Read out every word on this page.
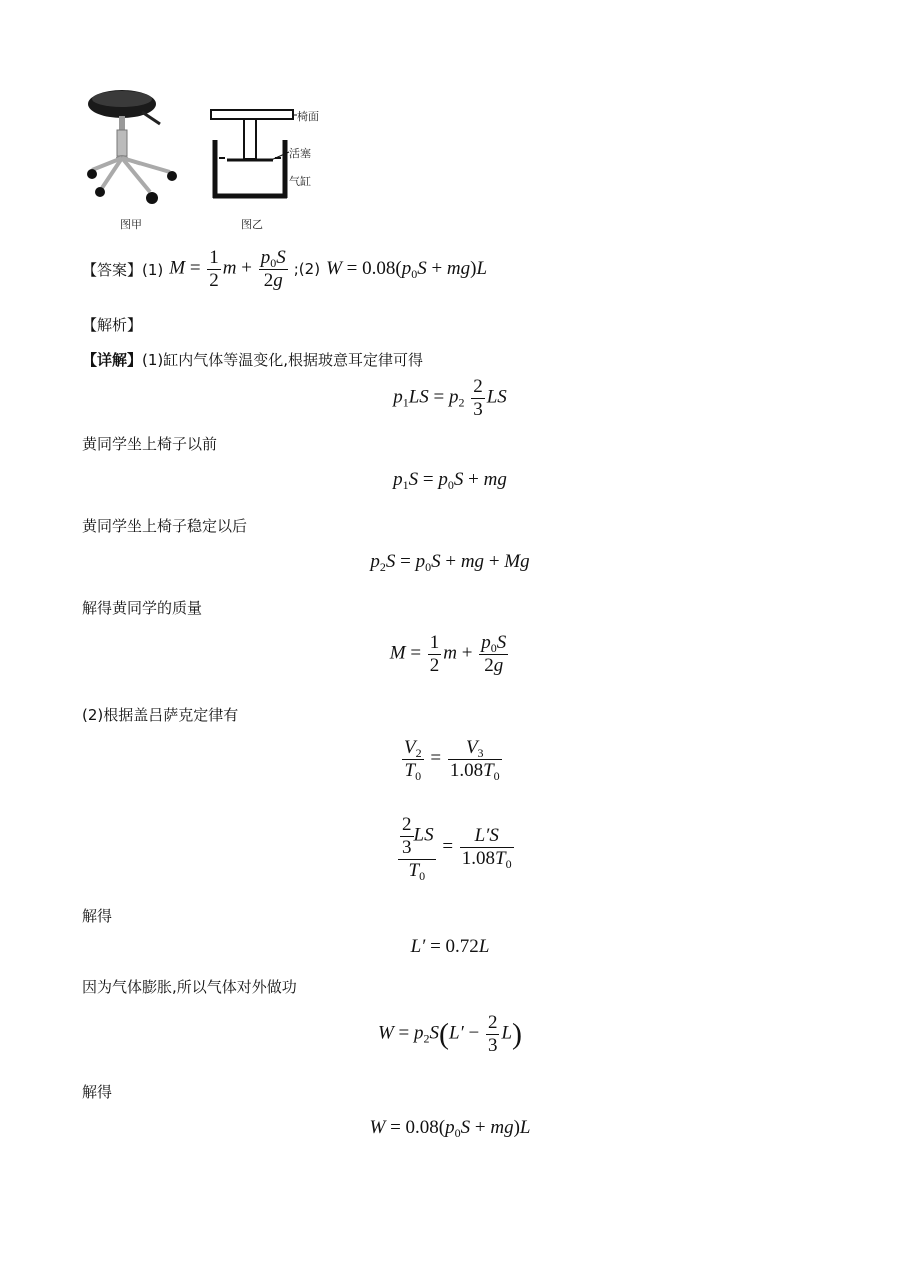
图甲
椅面
活塞
气缸
图乙
【答案】(1) $M = \frac{1}{2}$ $m + \frac{p_0S}{2g}$ ;(2) $W = 0.08(p_0S + mg)L$
【解析】
【详解】(1)缸内气体等温变化,根据玻意耳定律可得
$p_1LS = p_2 \frac{2}{3}$ LS
黄同学坐上椅子以前
$p_1S = p_0S$ + mg
黄同学坐上椅子稳定以后
$p_2S = p_0S$ + mg + Mg
解得黄同学的质量
$M = \frac{1}{2}$ $m + \frac{p_0S}{2g}$
(2)根据盖吕萨克定律有
$\frac{V_2}{T_0} = \frac{V_3}{1.08T_0}$
$\frac{\frac{2}{3} LS}{T_0} = \frac{L'S}{1.08T_0}$
解得
L′ = 0.72L
因为气体膨胀,所以气体对外做功
$W = p_2S(L' - \frac{2}{3} L)$
解得
$W = 0.08(p_0S + mg)L$
